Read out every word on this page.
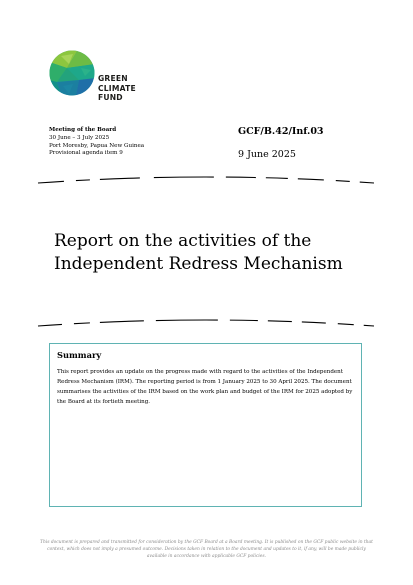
GREEN
CLIMATE
FUND
Meeting of the Board
30 June – 3 July 2025
Port Moresby, Papua New Guinea
Provisional agenda item 9
GCF/B.42/Inf.03
9 June 2025
Report on the activities of the
Independent Redress Mechanism
Summary
This report provides an update on the progress made with regard to the activities of the Independent Redress Mechanism (IRM). The reporting period is from 1 January 2025 to 30 April 2025. The document summarises the activities of the IRM based on the work plan and budget of the IRM for 2025 adopted by the Board at its fortieth meeting.
This document is prepared and transmitted for consideration by the GCF Board at a Board meeting. It is published on the GCF public website in that context, which does not imply a presumed outcome. Decisions taken in relation to the document and updates to it, if any, will be made publicly available in accordance with applicable GCF policies.
